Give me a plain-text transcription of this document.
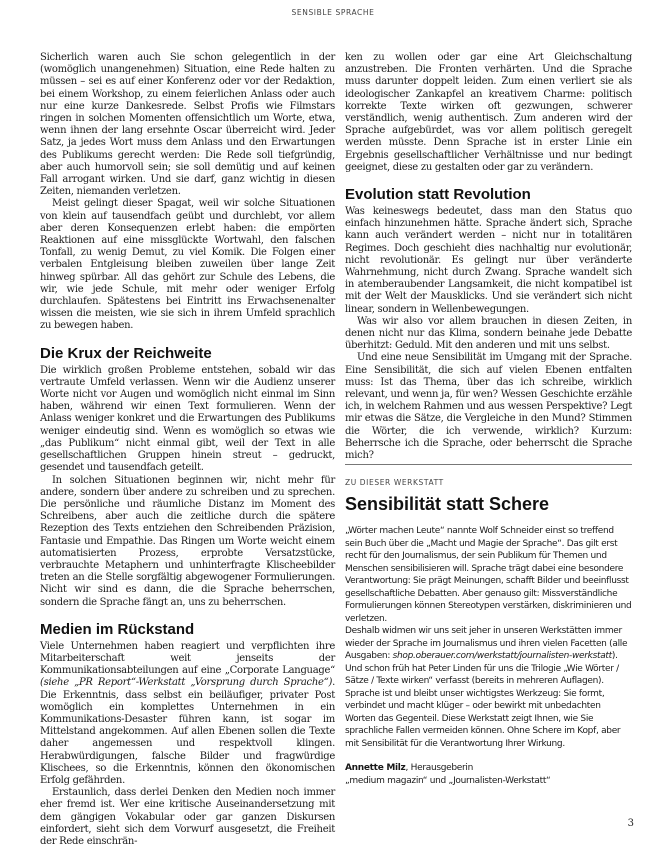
SENSIBLE SPRACHE

Sicherlich waren auch Sie schon gelegentlich in der (womöglich unangenehmen) Situation, eine Rede halten zu müssen – sei es auf einer Konferenz oder vor der Redaktion, bei einem Workshop, zu einem feierlichen Anlass oder auch nur eine kurze Dankesrede. Selbst Profis wie Filmstars ringen in solchen Momenten offensichtlich um Worte, etwa, wenn ihnen der lang ersehnte Oscar überreicht wird. Jeder Satz, ja jedes Wort muss dem Anlass und den Erwartungen des Publikums gerecht werden: Die Rede soll tiefgründig, aber auch humorvoll sein; sie soll demütig und auf keinen Fall arrogant wirken. Und sie darf, ganz wichtig in diesen Zeiten, niemanden verletzen.

Meist gelingt dieser Spagat, weil wir solche Situationen von klein auf tausendfach geübt und durchlebt, vor allem aber deren Konsequenzen erlebt haben: die empörten Reaktionen auf eine missglückte Wortwahl, den falschen Tonfall, zu wenig Demut, zu viel Komik. Die Folgen einer verbalen Entgleisung bleiben zuweilen über lange Zeit hinweg spürbar. All das gehört zur Schule des Lebens, die wir, wie jede Schule, mit mehr oder weniger Erfolg durchlaufen. Spätestens bei Eintritt ins Erwachsenenalter wissen die meisten, wie sie sich in ihrem Umfeld sprachlich zu bewegen haben.

Die Krux der Reichweite

Die wirklich großen Probleme entstehen, sobald wir das vertraute Umfeld verlassen. Wenn wir die Audienz unserer Worte nicht vor Augen und womöglich nicht einmal im Sinn haben, während wir einen Text formulieren. Wenn der Anlass weniger konkret und die Erwartungen des Publikums weniger eindeutig sind. Wenn es womöglich so etwas wie „das Publikum“ nicht einmal gibt, weil der Text in alle gesellschaftlichen Gruppen hinein streut – gedruckt, gesendet und tausendfach geteilt.

In solchen Situationen beginnen wir, nicht mehr für andere, sondern über andere zu schreiben und zu sprechen. Die persönliche und räumliche Distanz im Moment des Schreibens, aber auch die zeitliche durch die spätere Rezeption des Texts entziehen den Schreibenden Präzision, Fantasie und Empathie. Das Ringen um Worte weicht einem automatisierten Prozess, erprobte Versatzstücke, verbrauchte Metaphern und unhinterfragte Klischeebilder treten an die Stelle sorgfältig abgewogener Formulierungen. Nicht wir sind es dann, die die Sprache beherrschen, sondern die Sprache fängt an, uns zu beherrschen.

Medien im Rückstand

Viele Unternehmen haben reagiert und verpflichten ihre Mitarbeiterschaft weit jenseits der Kommunikationsabteilungen auf eine „Corporate Language“ (siehe „PR Report“-Werkstatt „Vorsprung durch Sprache“). Die Erkenntnis, dass selbst ein beiläufiger, privater Post womöglich ein komplettes Unternehmen in ein Kommunikations-Desaster führen kann, ist sogar im Mittelstand angekommen. Auf allen Ebenen sollen die Texte daher angemessen und respektvoll klingen. Herabwürdigungen, falsche Bilder und fragwürdige Klischees, so die Erkenntnis, können den ökonomischen Erfolg gefährden.

Erstaunlich, dass derlei Denken den Medien noch immer eher fremd ist. Wer eine kritische Auseinandersetzung mit dem gängigen Vokabular oder gar ganzen Diskursen einfordert, sieht sich dem Vorwurf ausgesetzt, die Freiheit der Rede einschrän-

ken zu wollen oder gar eine Art Gleichschaltung anzustreben. Die Fronten verhärten. Und die Sprache muss darunter doppelt leiden. Zum einen verliert sie als ideologischer Zankapfel an kreativem Charme: politisch korrekte Texte wirken oft gezwungen, schwerer verständlich, wenig authentisch. Zum anderen wird der Sprache aufgebürdet, was vor allem politisch geregelt werden müsste. Denn Sprache ist in erster Linie ein Ergebnis gesellschaftlicher Verhältnisse und nur bedingt geeignet, diese zu gestalten oder gar zu verändern.

Evolution statt Revolution

Was keineswegs bedeutet, dass man den Status quo einfach hinzunehmen hätte. Sprache ändert sich, Sprache kann auch verändert werden – nicht nur in totalitären Regimes. Doch geschieht dies nachhaltig nur evolutionär, nicht revolutionär. Es gelingt nur über veränderte Wahrnehmung, nicht durch Zwang. Sprache wandelt sich in atemberaubender Langsamkeit, die nicht kompatibel ist mit der Welt der Mausklicks. Und sie verändert sich nicht linear, sondern in Wellenbewegungen.

Was wir also vor allem brauchen in diesen Zeiten, in denen nicht nur das Klima, sondern beinahe jede Debatte überhitzt: Geduld. Mit den anderen und mit uns selbst.

Und eine neue Sensibilität im Umgang mit der Sprache. Eine Sensibilität, die sich auf vielen Ebenen entfalten muss: Ist das Thema, über das ich schreibe, wirklich relevant, und wenn ja, für wen? Wessen Geschichte erzähle ich, in welchem Rahmen und aus wessen Perspektive? Legt mir etwas die Sätze, die Vergleiche in den Mund? Stimmen die Wörter, die ich verwende, wirklich? Kurzum: Beherrsche ich die Sprache, oder beherrscht die Sprache mich?

ZU DIESER WERKSTATT
Sensibilität statt Schere

„Wörter machen Leute“ nannte Wolf Schneider einst so treffend sein Buch über die „Macht und Magie der Sprache“. Das gilt erst recht für den Journalismus, der sein Publikum für Themen und Menschen sensibilisieren will. Sprache trägt dabei eine besondere Verantwortung: Sie prägt Meinungen, schafft Bilder und beeinflusst gesellschaftliche Debatten. Aber genauso gilt: Missverständliche Formulierungen können Stereotypen verstärken, diskriminieren und verletzen.

Deshalb widmen wir uns seit jeher in unseren Werkstätten immer wieder der Sprache im Journalismus und ihren vielen Facetten (alle Ausgaben: shop.oberauer.com/werkstatt/journalisten-werkstatt). Und schon früh hat Peter Linden für uns die Trilogie „Wie Wörter / Sätze / Texte wirken“ verfasst (bereits in mehreren Auflagen). Sprache ist und bleibt unser wichtigstes Werkzeug: Sie formt, verbindet und macht klüger – oder bewirkt mit unbedachten Worten das Gegenteil. Diese Werkstatt zeigt Ihnen, wie Sie sprachliche Fallen vermeiden können. Ohne Schere im Kopf, aber mit Sensibilität für die Verantwortung Ihrer Wirkung.

Annette Milz, Herausgeberin
„medium magazin“ und „Journalisten-Werkstatt“

3
